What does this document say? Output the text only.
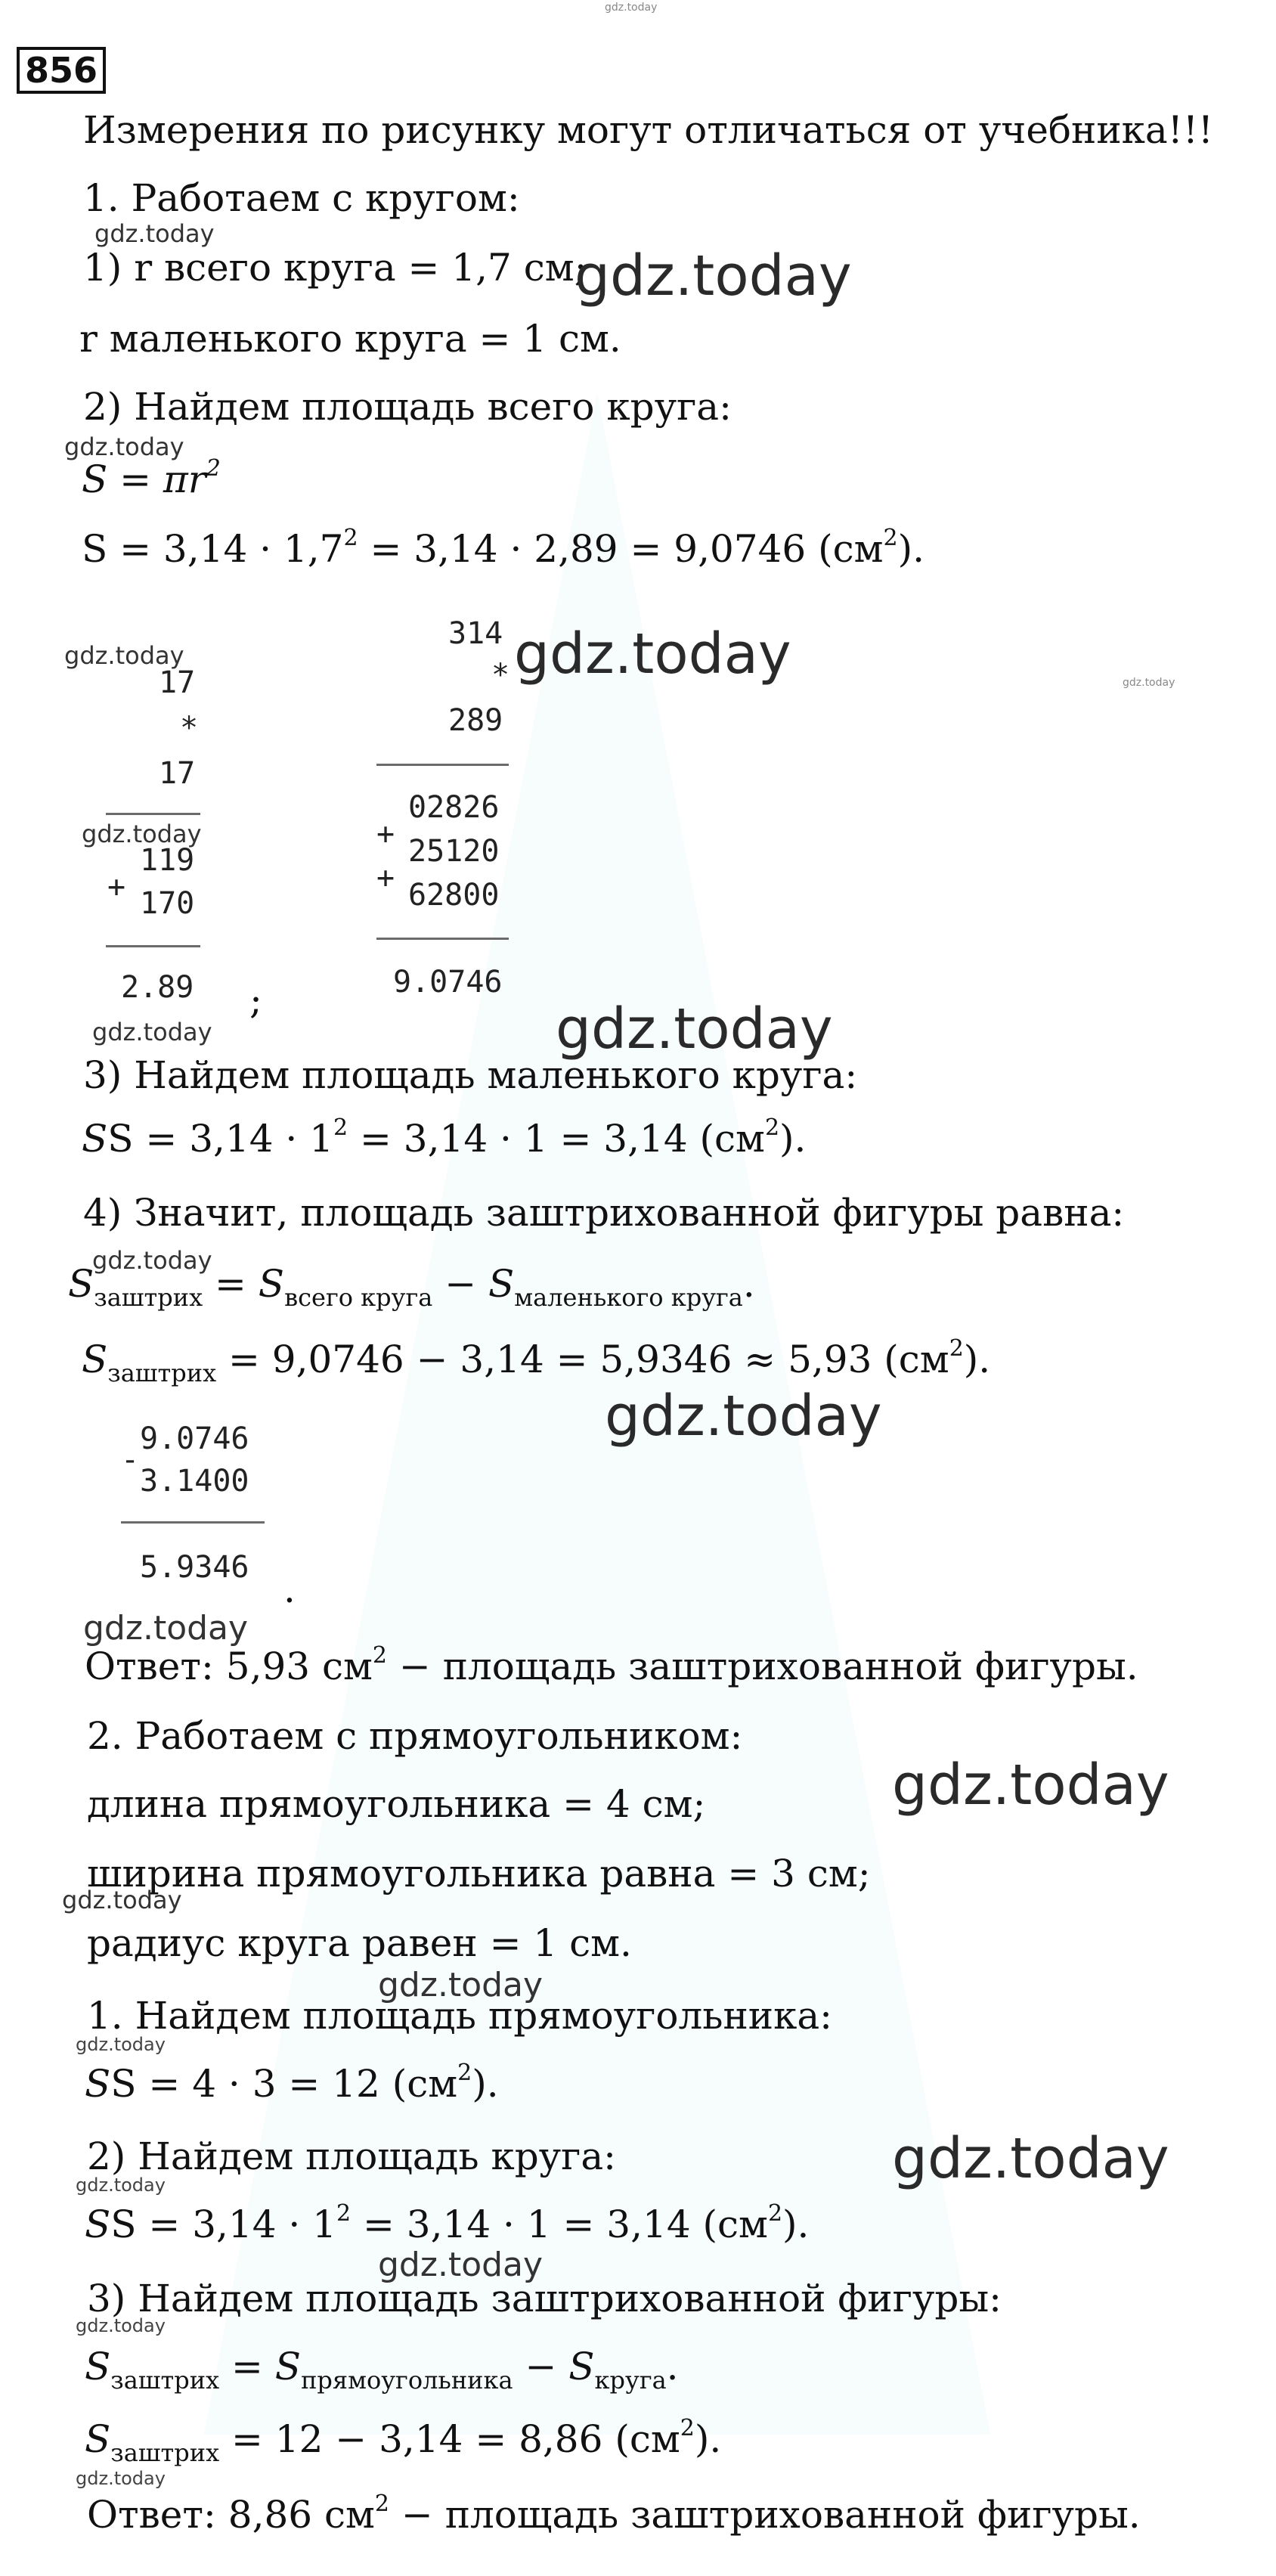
gdz.today
856
Измерения по рисунку могут отличаться от учебника!!!
1. Работаем с кругом:
gdz.today
1) r всего круга = 1,7 см;
gdz.today
r маленького круга = 1 см.
2) Найдем площадь всего круга:
gdz.today
$S = \pi r^2$
$S = 3,14 \cdot 1,7^2 = 3,14 \cdot 2,89 = 9,0746$ $(см^2)$.
gdz.today
17
*
17
gdz.today
119
+ 170
2.89 ;
gdz.today
314
* gdz.today
289
gdz.today
02826
+ 25120
+ 62800
9.0746
gdz.today
3) Найдем площадь маленького круга:
SS = $3,14 \cdot 1^2 = 3,14 \cdot 1 = 3,14$ $(см^2)$.
4) Значит, площадь заштрихованной фигуры равна:
gdz.today
$S_{заштрих} = S_{всего круга} - S_{маленького круга}$.
$S_{заштрих} = 9,0746 - 3,14 = 5,9346 \approx 5,93$ $(см^2)$.
gdz.today
9.0746
-
3.1400
5.9346 .
gdz.today
Ответ: 5,93 $см^2$ − площадь заштрихованной фигуры.
2. Работаем с прямоугольником:
gdz.today
длина прямоугольника = 4 см;
ширина прямоугольника равна = 3 см;
gdz.today
радиус круга равен = 1 см.
gdz.today
1. Найдем площадь прямоугольника:
gdz.today
SS = 4 · 3 = 12 $(см^2)$.
2) Найдем площадь круга:	gdz.today
gdz.today
SS = $3,14 \cdot 1^2 = 3,14 \cdot 1 = 3,14$ $(см^2)$.
gdz.today
3) Найдем площадь заштрихованной фигуры:
gdz.today
$S_{заштрих} = S_{прямоугольника} - S_{круга}$.
$S_{заштрих} = 12 - 3,14 = 8,86$ $(см^2)$.
gdz.today
Ответ: 8,86 $см^2$ − площадь заштрихованной фигуры.
